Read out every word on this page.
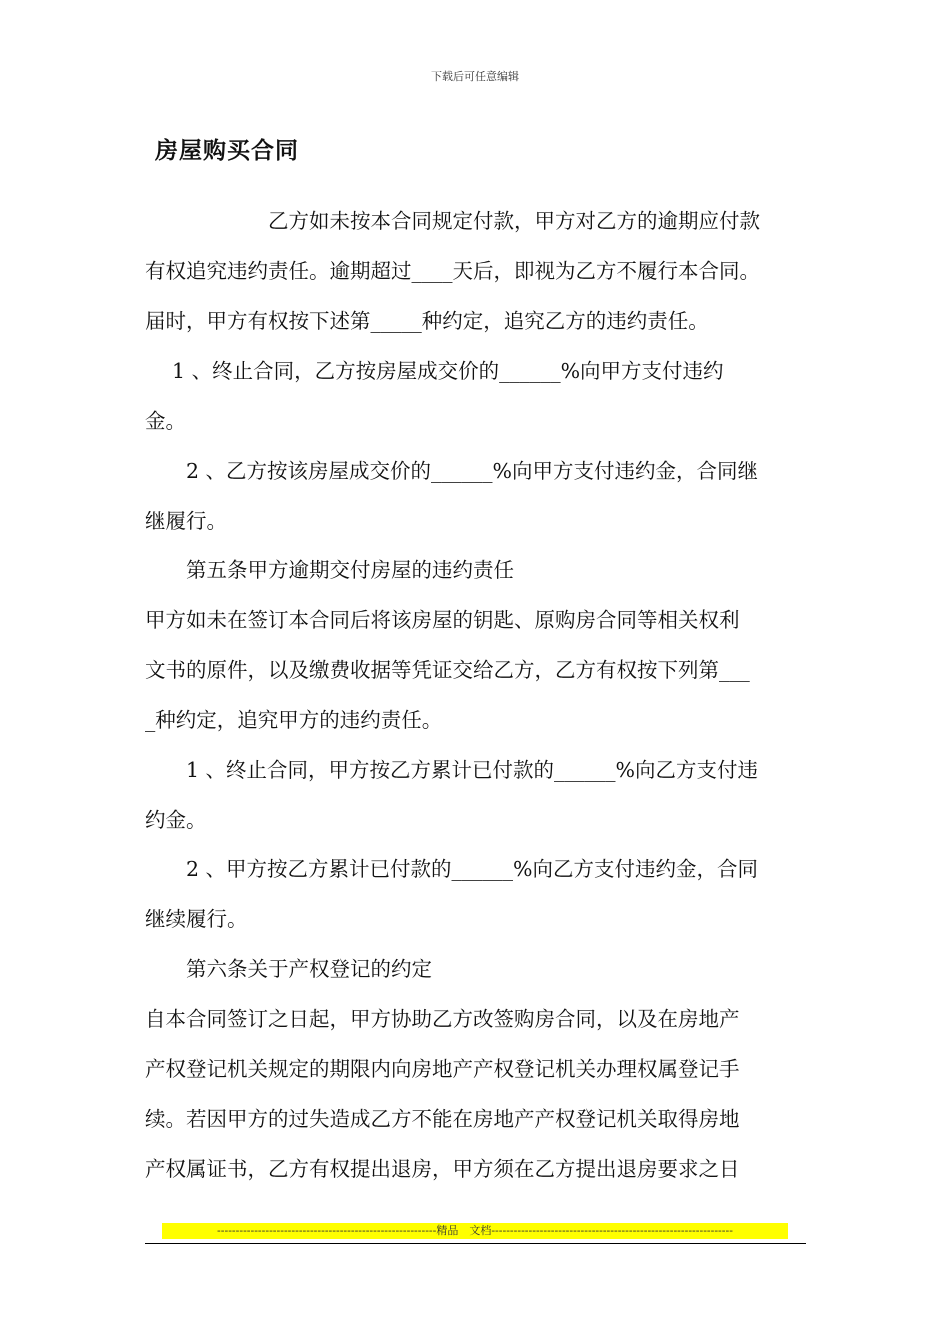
下载后可任意编辑
房屋购买合同
　　　　　　乙方如未按本合同规定付款，甲方对乙方的逾期应付款
有权追究违约责任。逾期超过____天后，即视为乙方不履行本合同。
届时，甲方有权按下述第_____种约定，追究乙方的违约责任。
　 1 、终止合同，乙方按房屋成交价的______%向甲方支付违约
金。
　　2 、乙方按该房屋成交价的______%向甲方支付违约金，合同继
继履行。
　　第五条甲方逾期交付房屋的违约责任
甲方如未在签订本合同后将该房屋的钥匙、原购房合同等相关权利
文书的原件，以及缴费收据等凭证交给乙方，乙方有权按下列第___
_种约定，追究甲方的违约责任。
　　1 、终止合同，甲方按乙方累计已付款的______%向乙方支付违
约金。
　　2 、甲方按乙方累计已付款的______%向乙方支付违约金，合同
继续履行。
　　第六条关于产权登记的约定
自本合同签订之日起，甲方协助乙方改签购房合同，以及在房地产
产权登记机关规定的期限内向房地产产权登记机关办理权属登记手
续。若因甲方的过失造成乙方不能在房地产产权登记机关取得房地
产权属证书，乙方有权提出退房，甲方须在乙方提出退房要求之日
-----------------------------------------------------------精品　文档-----------------------------------------------------------------
